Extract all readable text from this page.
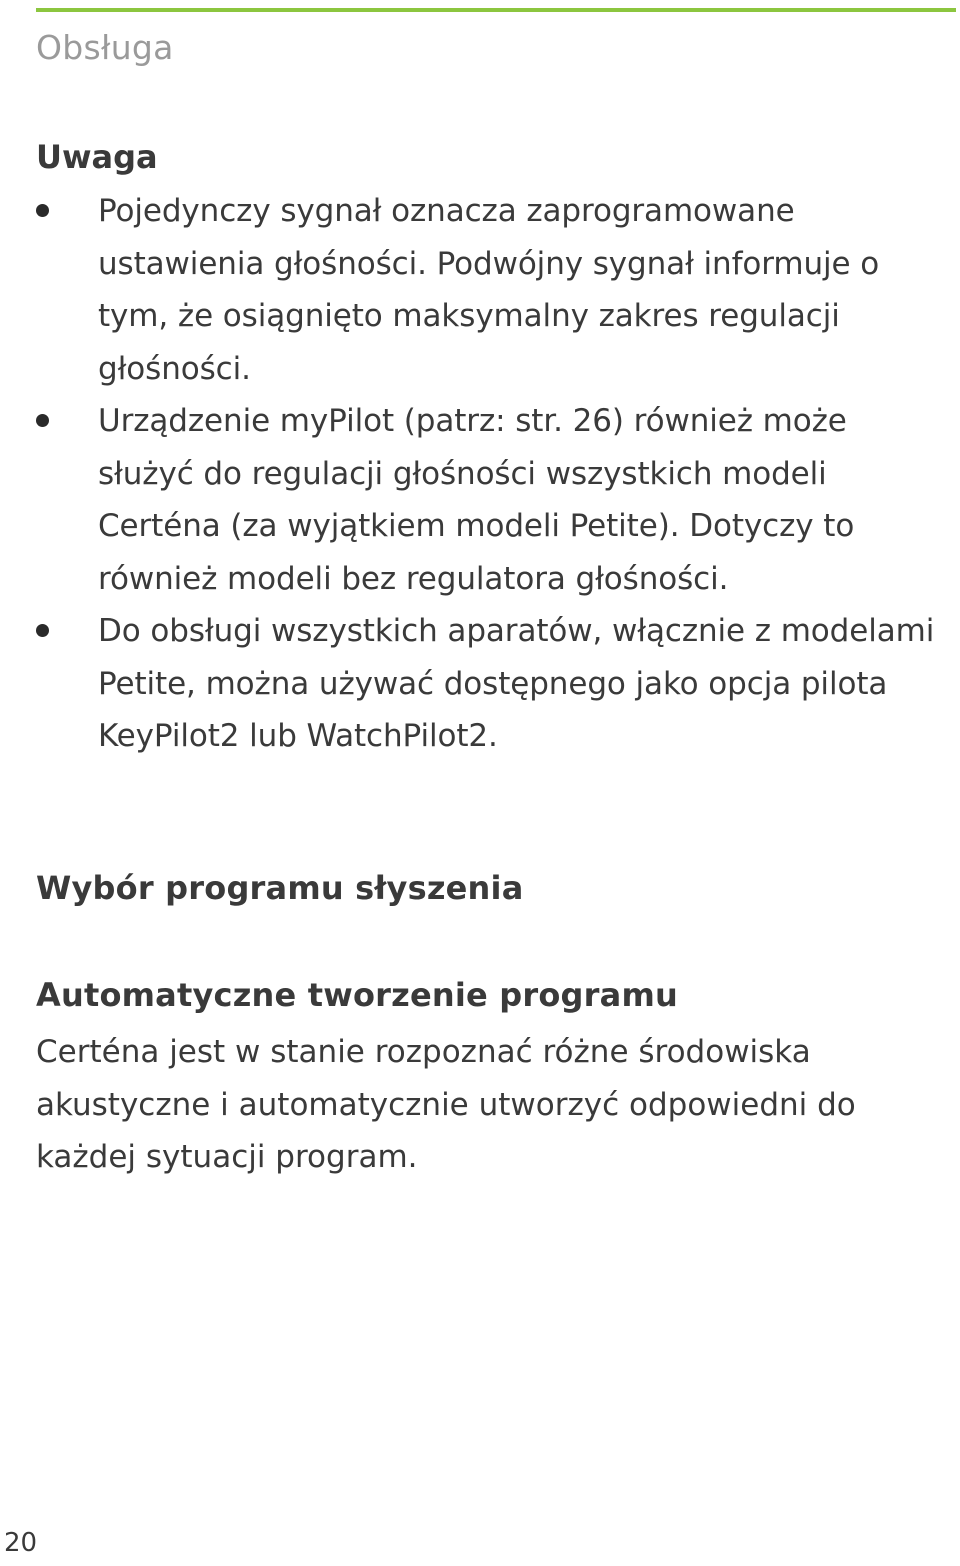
Obsługa
Uwaga
Pojedynczy sygnał oznacza zaprogramowane ustawienia głośności. Podwójny sygnał informuje o tym, że osiągnięto maksymalny zakres regulacji głośności.
Urządzenie myPilot (patrz: str. 26) również może służyć do regulacji głośności wszystkich modeli Certéna (za wyjątkiem modeli Petite). Dotyczy to również modeli bez regulatora głośności.
Do obsługi wszystkich aparatów, włącznie z modelami Petite, można używać dostępnego jako opcja pilota KeyPilot2 lub WatchPilot2.
Wybór programu słyszenia
Automatyczne tworzenie programu

Certéna jest w stanie rozpoznać różne środowiska akustyczne i automatycznie utworzyć odpowiedni do każdej sytuacji program.

20
